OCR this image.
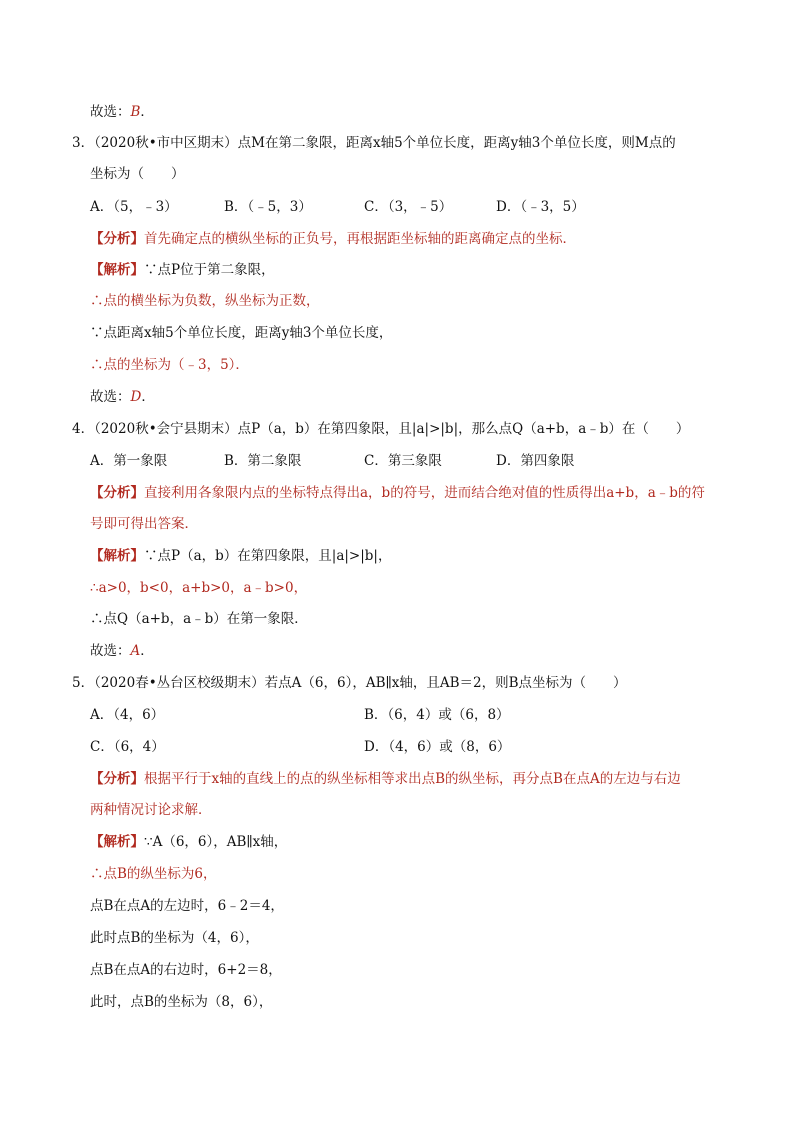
故选：B．
3．（2020秋•市中区期末）点M在第二象限，距离x轴5个单位长度，距离y轴3个单位长度，则M点的
坐标为（　　）
A．（5，﹣3）	B．（﹣5，3）	C．（3，﹣5）	D．（﹣3，5）
【分析】首先确定点的横纵坐标的正负号，再根据距坐标轴的距离确定点的坐标．
【解析】∵点P位于第二象限，
∴点的横坐标为负数，纵坐标为正数，
∵点距离x轴5个单位长度，距离y轴3个单位长度，
∴点的坐标为（﹣3，5）．
故选：D．
4．（2020秋•会宁县期末）点P（a，b）在第四象限，且|a|>|b|，那么点Q（a+b，a﹣b）在（　　）
A．第一象限	B．第二象限	C．第三象限	D．第四象限
【分析】直接利用各象限内点的坐标特点得出a，b的符号，进而结合绝对值的性质得出a+b，a﹣b的符
号即可得出答案．
【解析】∵点P（a，b）在第四象限，且|a|>|b|，
∴a>0，b<0，a+b>0，a﹣b>0，
∴点Q（a+b，a﹣b）在第一象限．
故选：A．
5．（2020春•丛台区校级期末）若点A（6，6），AB∥x轴，且AB＝2，则B点坐标为（　　）
A．（4，6）	B．（6，4）或（6，8）
C．（6，4）	D．（4，6）或（8，6）
【分析】根据平行于x轴的直线上的点的纵坐标相等求出点B的纵坐标，再分点B在点A的左边与右边
两种情况讨论求解．
【解析】∵A（6，6），AB∥x轴，
∴点B的纵坐标为6，
点B在点A的左边时，6﹣2＝4，
此时点B的坐标为（4，6），
点B在点A的右边时，6+2＝8，
此时，点B的坐标为（8，6），
